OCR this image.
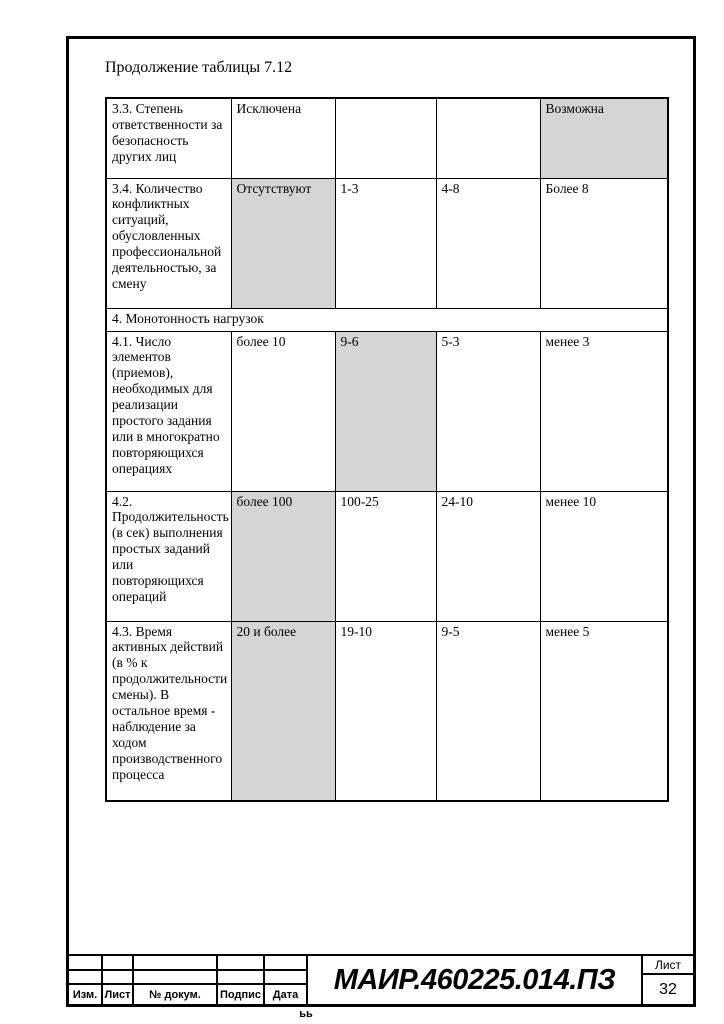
Продолжение таблицы 7.12
3.3. Степень ответственности за безопасность других лиц	Исключена			Возможна
3.4. Количество конфликтных ситуаций, обусловленных профессиональной деятельностью, за смену	Отсутствуют	1-3	4-8	Более 8
4. Монотонность нагрузок				
4.1. Число элементов (приемов), необходимых для реализации простого задания или в многократно повторяющихся операциях	более 10	9-6	5-3	менее 3
4.2. Продолжительность (в сек) выполнения простых заданий или повторяющихся операций	более 100	100-25	24-10	менее 10
4.3. Время активных действий (в % к продолжительности смены). В остальное время - наблюдение за ходом производственного процесса	20 и более	19-10	9-5	менее 5
Изм. Лист	№ докум.	Подпис	Дата	МАИР.460225.014.ПЗ	Лист
32
ьь
